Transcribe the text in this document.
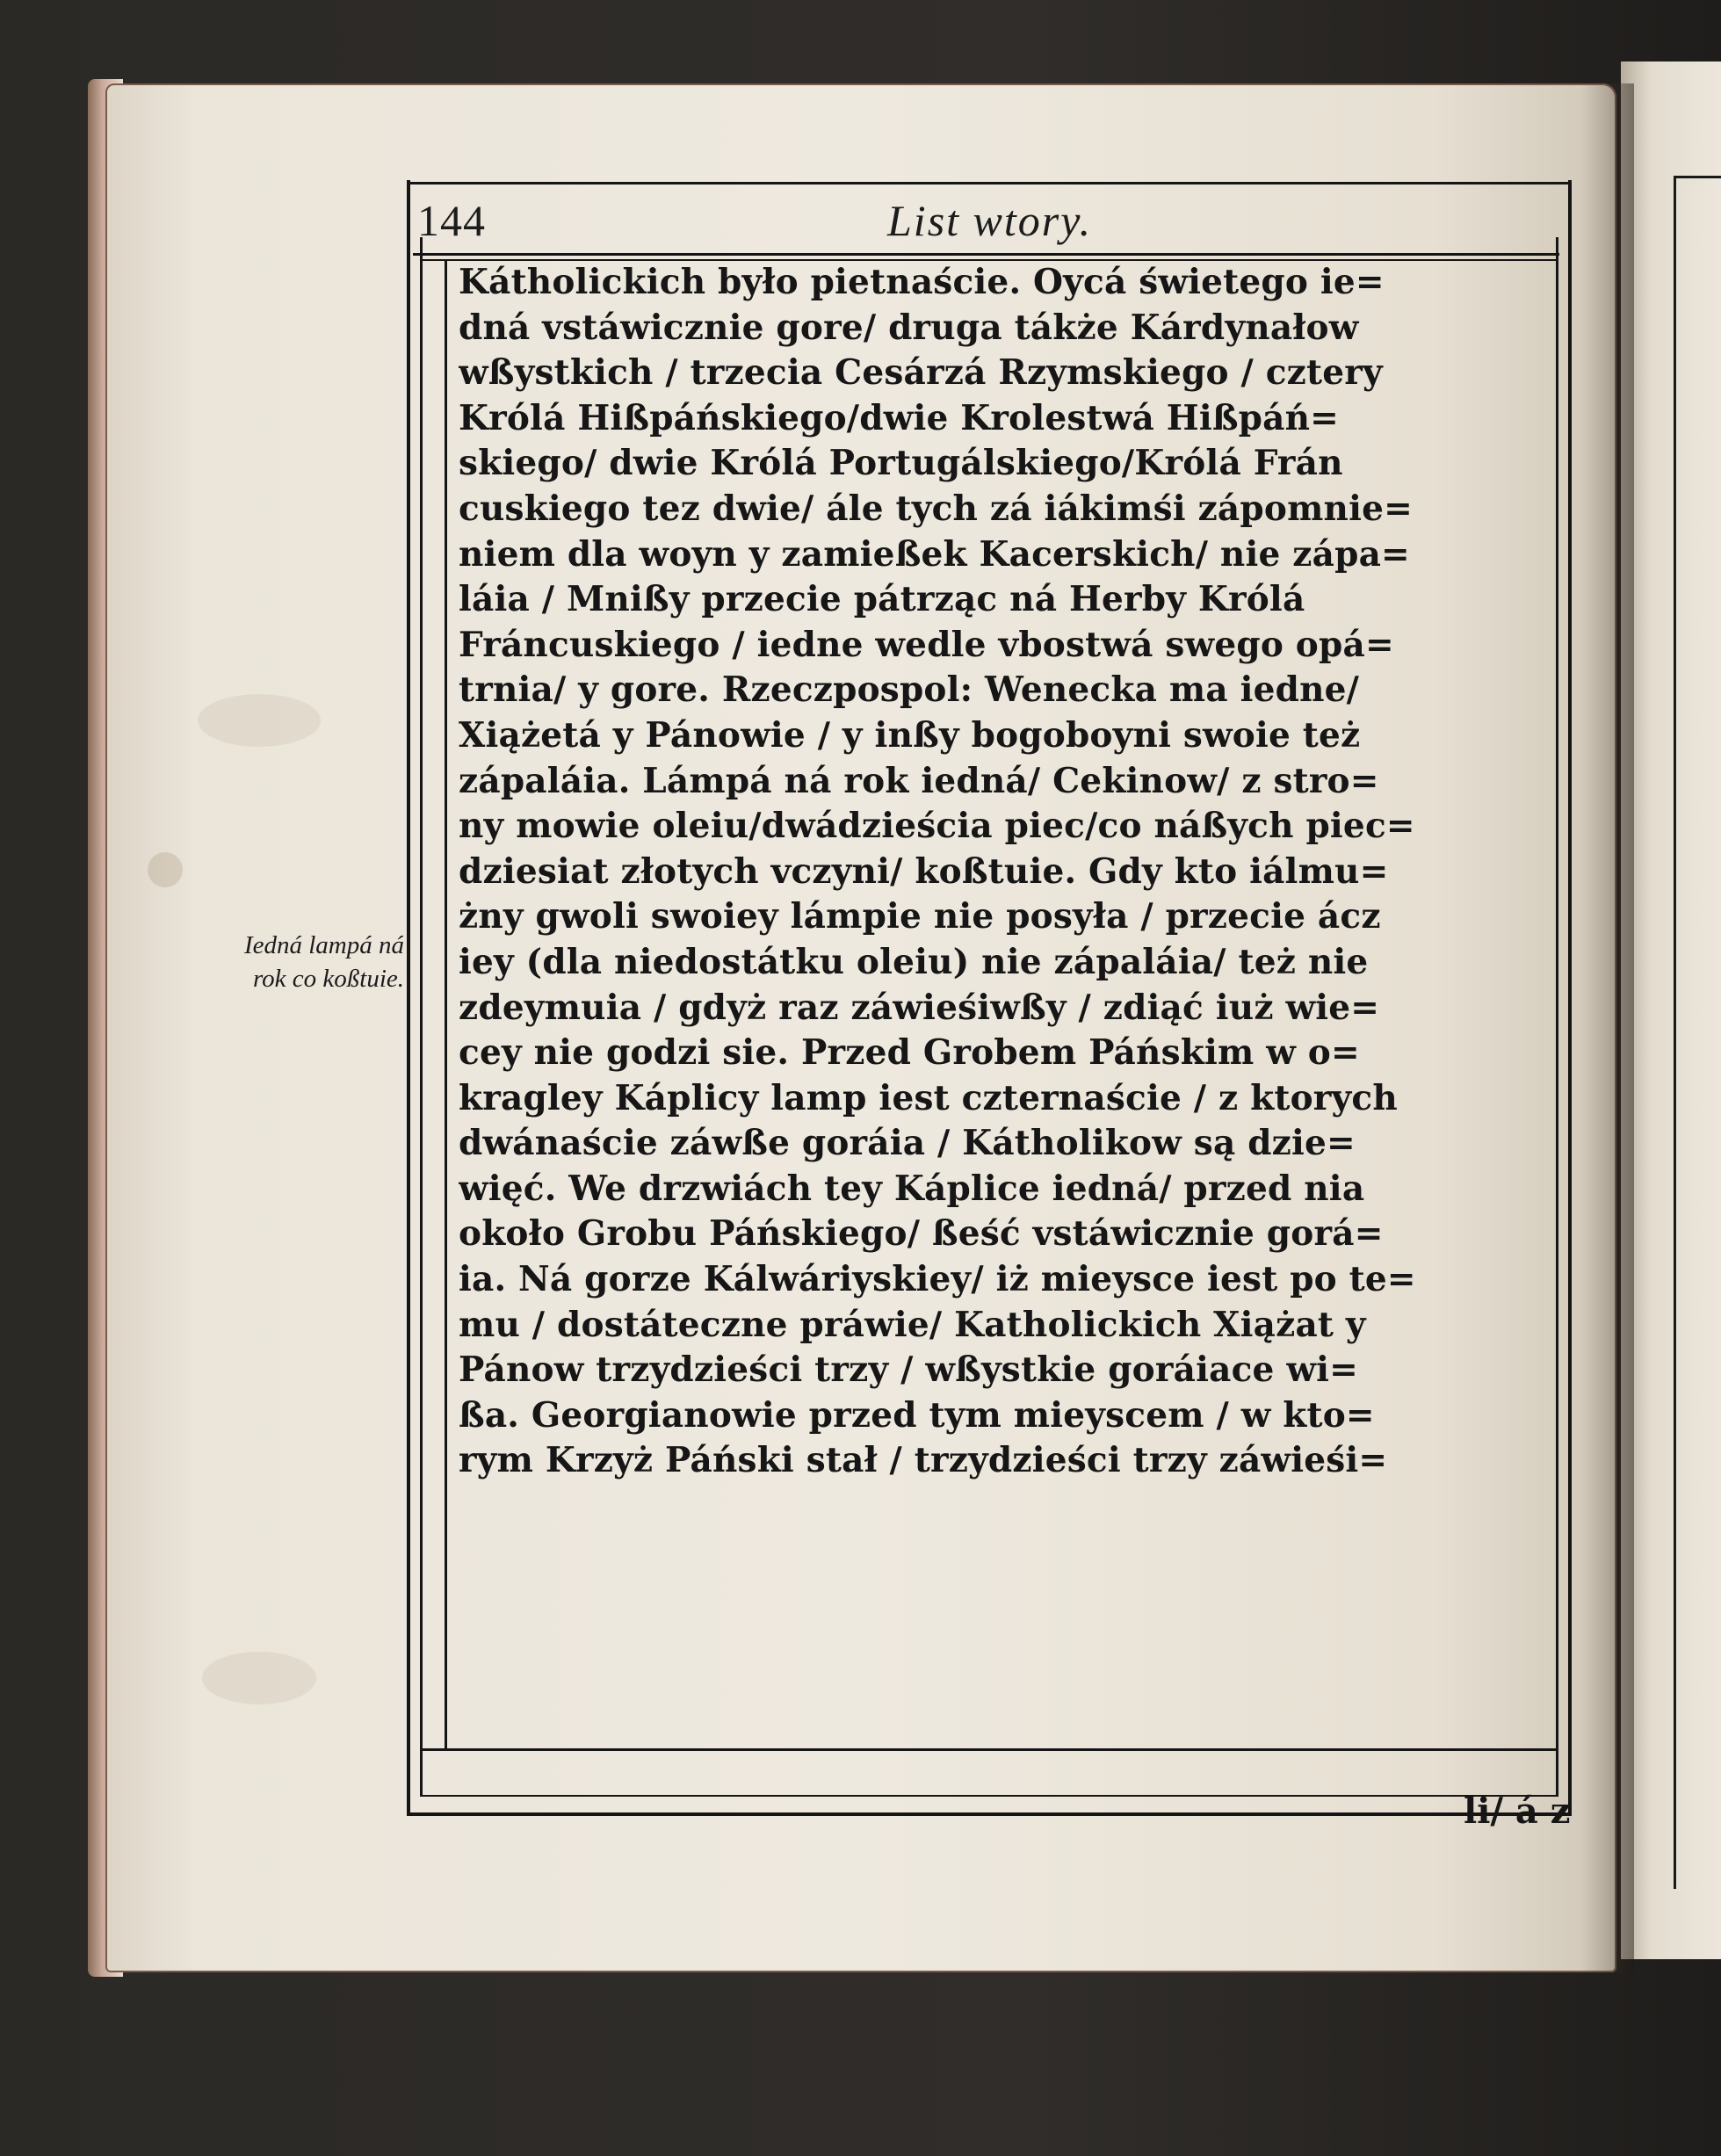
144	List wtory.
Iedná lampá ná
rok co koßtuie.
Kátholickich było pietnaście. Oycá świetego ie=
dná vstáwicznie gore/ druga tákże Kárdynałow
wßystkich / trzecia Cesárzá Rzymskiego / cztery
Królá Hißpáńskiego/dwie Krolestwá Hißpáń=
skiego/ dwie Królá Portugálskiego/Królá Frán
cuskiego tez dwie/ ále tych zá iákimśi zápomnie=
niem dla woyn y zamießek Kacerskich/ nie zápa=
láia / Mnißy przecie pátrząc ná Herby Królá
Fráncuskiego / iedne wedle vbostwá swego opá=
trnia/ y gore. Rzeczpospol: Wenecka ma iedne/
Xiążetá y Pánowie / y inßy bogoboyni swoie też
zápaláia. Lámpá ná rok iedná/ Cekinow/ z stro=
ny mowie oleiu/dwádzieścia piec/co náßych piec=
dziesiat złotych vczyni/ koßtuie. Gdy kto iálmu=
żny gwoli swoiey lámpie nie posyła / przecie ácz
iey (dla niedostátku oleiu) nie zápaláia/ też nie
zdeymuia / gdyż raz záwieśiwßy / zdiąć iuż wie=
cey nie godzi sie. Przed Grobem Páńskim w o=
kragley Káplicy lamp iest czternaście / z ktorych
dwánaście záwße goráia / Kátholikow są dzie=
więć. We drzwiách tey Káplice iedná/ przed nia
około Grobu Páńskiego/ ßeść vstáwicznie gorá=
ia. Ná gorze Kálwáriyskiey/ iż mieysce iest po te=
mu / dostáteczne práwie/ Katholickich Xiążat y
Pánow trzydzieści trzy / wßystkie goráiace wi=
ßa. Georgianowie przed tym mieyscem / w kto=
rym Krzyż Páński stał / trzydzieści trzy záwieśi=
li/ á z
